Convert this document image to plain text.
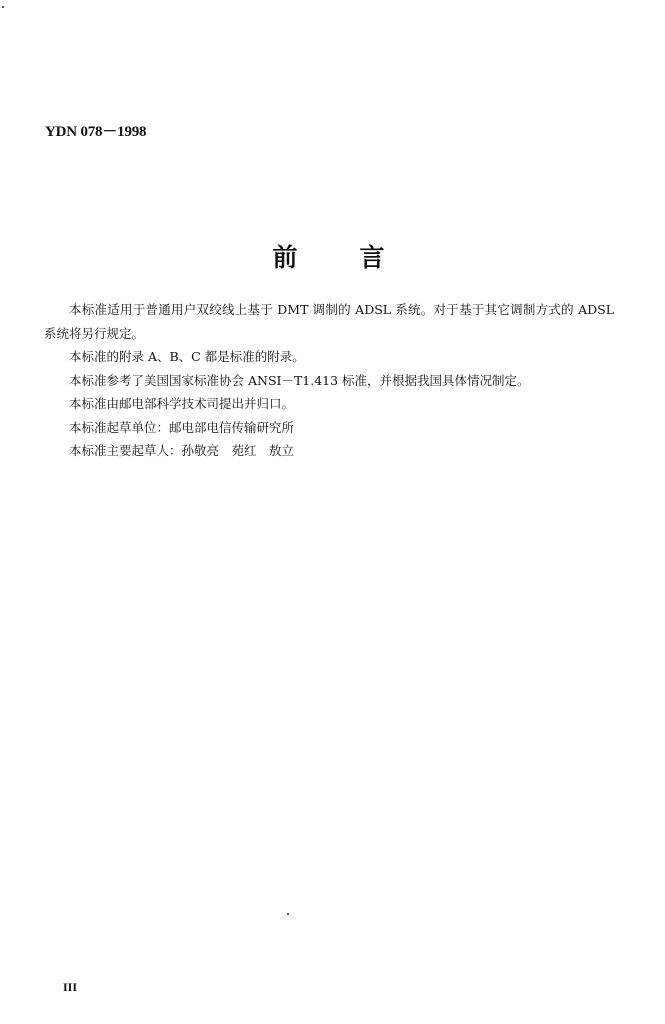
YDN 078－1998
前言

本标准适用于普通用户双绞线上基于 DMT 调制的 ADSL 系统。对于基于其它调制方式的 ADSL 系统将另行规定。

本标准的附录 A、B、C 都是标准的附录。

本标准参考了美国国家标准协会 ANSI－T1.413 标准，并根据我国具体情况制定。

本标准由邮电部科学技术司提出并归口。

本标准起草单位：邮电部电信传输研究所

本标准主要起草人：孙敬亮　苑红　敖立

III
